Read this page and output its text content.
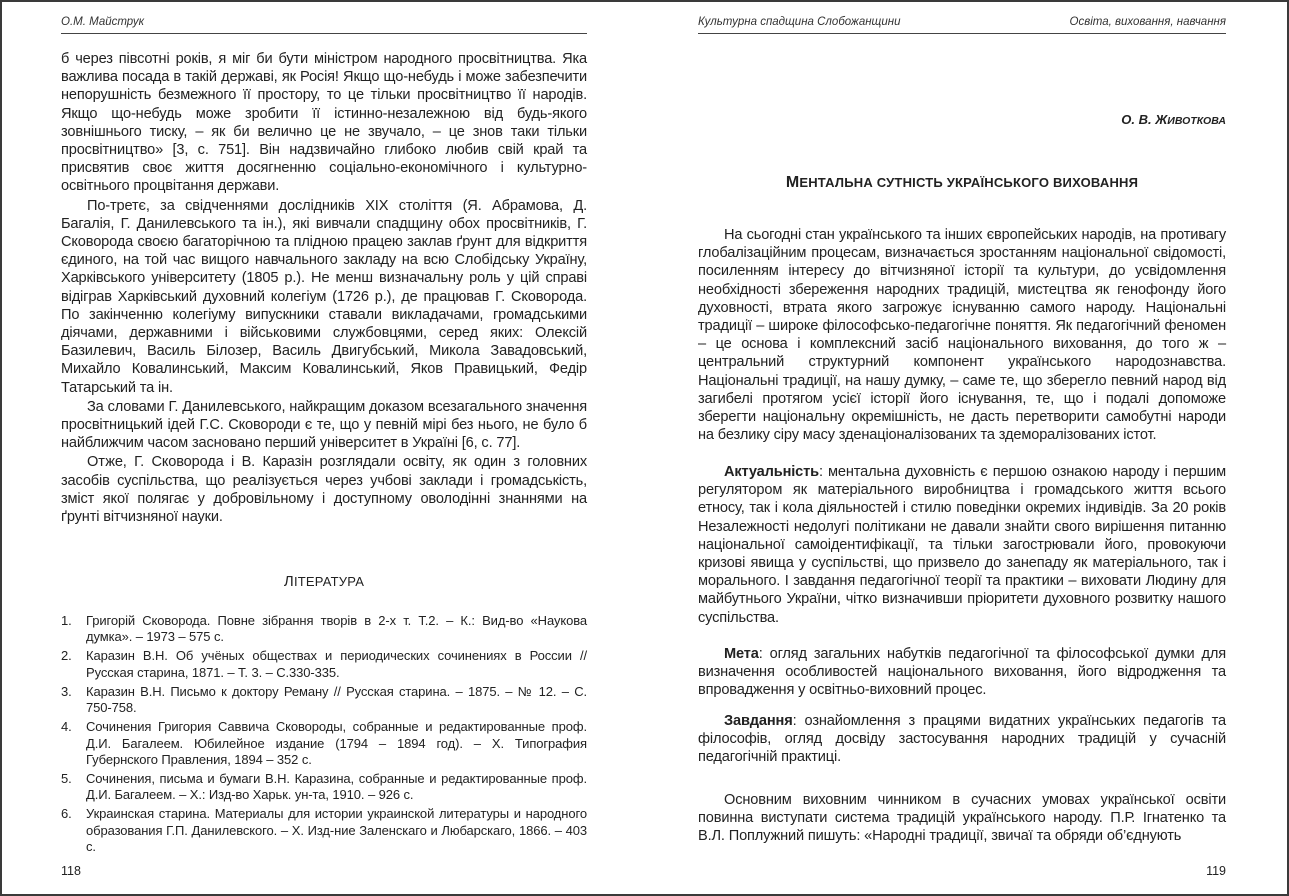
О.М. Майструк

б через півсотні років, я міг би бути міністром народного просвітництва. Яка важлива посада в такій державі, як Росія! Якщо що-небудь і може забезпечити непорушність безмежного її простору, то це тільки просвітництво її народів. Якщо що-небудь може зробити її істинно-незалежною від будь-якого зовнішнього тиску, – як би велично це не звучало, – це знов таки тільки просвітництво» [3, с. 751]. Він надзвичайно глибоко любив свій край та присвятив своє життя досягненню соціально-економічного і культурно-освітнього процвітання держави.

По-третє, за свідченнями дослідників XIX століття (Я. Абрамова, Д. Багалія, Г. Данилевського та ін.), які вивчали спадщину обох просвітників, Г. Сковорода своєю багаторічною та плідною працею заклав ґрунт для відкриття єдиного, на той час вищого навчального закладу на всю Слобідську Україну, Харківського університету (1805 р.). Не менш визначальну роль у цій справі відіграв Харківський духовний колегіум (1726 р.), де працював Г. Сковорода. По закінченню колегіуму випускники ставали викладачами, громадськими діячами, державними і військовими службовцями, серед яких: Олексій Базилевич, Василь Білозер, Василь Двигубський, Микола Завадовський, Михайло Ковалинський, Максим Ковалинський, Яков Правицький, Федір Татарський та ін.

За словами Г. Данилевського, найкращим доказом всезагального значення просвітницький ідей Г.С. Сковороди є те, що у певній мірі без нього, не було б найближчим часом засновано перший університет в Україні [6, с. 77].

Отже, Г. Сковорода і В. Каразін розглядали освіту, як один з головних засобів суспільства, що реалізується через учбові заклади і громадськість, зміст якої полягає у добровільному і доступному оволодінні знаннями на ґрунті вітчизняної науки.

ЛІТЕРАТУРА
1. Григорій Сковорода. Повне зібрання творів в 2-х т. Т.2. – К.: Вид-во «Наукова думка». – 1973 – 575 с.
2. Каразин В.Н. Об учёных обществах и периодических сочинениях в России // Русская старина, 1871. – Т. 3. – С.330-335.
3. Каразин В.Н. Письмо к доктору Реману // Русская старина. – 1875. – № 12. – С. 750-758.
4. Сочинения Григория Саввича Сковороды, собранные и редактированные проф. Д.И. Багалеем. Юбилейное издание (1794 – 1894 год). – Х. Типография Губернского Правления, 1894 – 352 с.
5. Сочинения, письма и бумаги В.Н. Каразина, собранные и редактированные проф. Д.И. Багалеем. – Х.: Изд-во Харьк. ун-та, 1910. – 926 с.
6. Украинская старина. Материалы для истории украинской литературы и народного образования Г.П. Данилевского. – Х. Изд-ние Заленскаго и Любарскаго, 1866. – 403 с.
118
Культурна спадщина Слобожанщини	Освіта, виховання, навчання
О. В. ЖИВОТКОВА
МЕНТАЛЬНА СУТНІСТЬ УКРАЇНСЬКОГО ВИХОВАННЯ

На сьогодні стан українського та інших європейських народів, на противагу глобалізаційним процесам, визначається зростанням національної свідомості, посиленням інтересу до вітчизняної історії та культури, до усвідомлення необхідності збереження народних традицій, мистецтва як генофонду його духовності, втрата якого загрожує існуванню самого народу. Національні традиції – широке філософсько-педагогічне поняття. Як педагогічний феномен – це основа і комплексний засіб національного виховання, до того ж – центральний структурний компонент українського народознавства. Національні традиції, на нашу думку, – саме те, що зберегло певний народ від загибелі протягом усієї історії його існування, те, що і подалі допоможе зберегти національну окремішність, не дасть перетворити самобутні народи на безлику сіру масу зденаціоналізованих та здеморалізованих істот.

Актуальність: ментальна духовність є першою ознакою народу і першим регулятором як матеріального виробництва і громадського життя всього етносу, так і кола діяльностей і стилю поведінки окремих індивідів. За 20 років Незалежності недолугі політикани не давали знайти свого вирішення питанню національної самоідентифікації, та тільки загострювали його, провокуючи кризові явища у суспільстві, що призвело до занепаду як матеріального, так і морального. І завдання педагогічної теорії та практики – виховати Людину для майбутнього України, чітко визначивши пріоритети духовного розвитку нашого суспільства.

Мета: огляд загальних набутків педагогічної та філософської думки для визначення особливостей національного виховання, його відродження та впровадження у освітньо-виховний процес.

Завдання: ознайомлення з працями видатних українських педагогів та філософів, огляд досвіду застосування народних традицій у сучасній педагогічній практиці.

Основним виховним чинником в сучасних умовах української освіти повинна виступати система традицій українського народу. П.Р. Ігнатенко та В.Л. Поплужний пишуть: «Народні традиції, звичаї та обряди об’єднують

119
